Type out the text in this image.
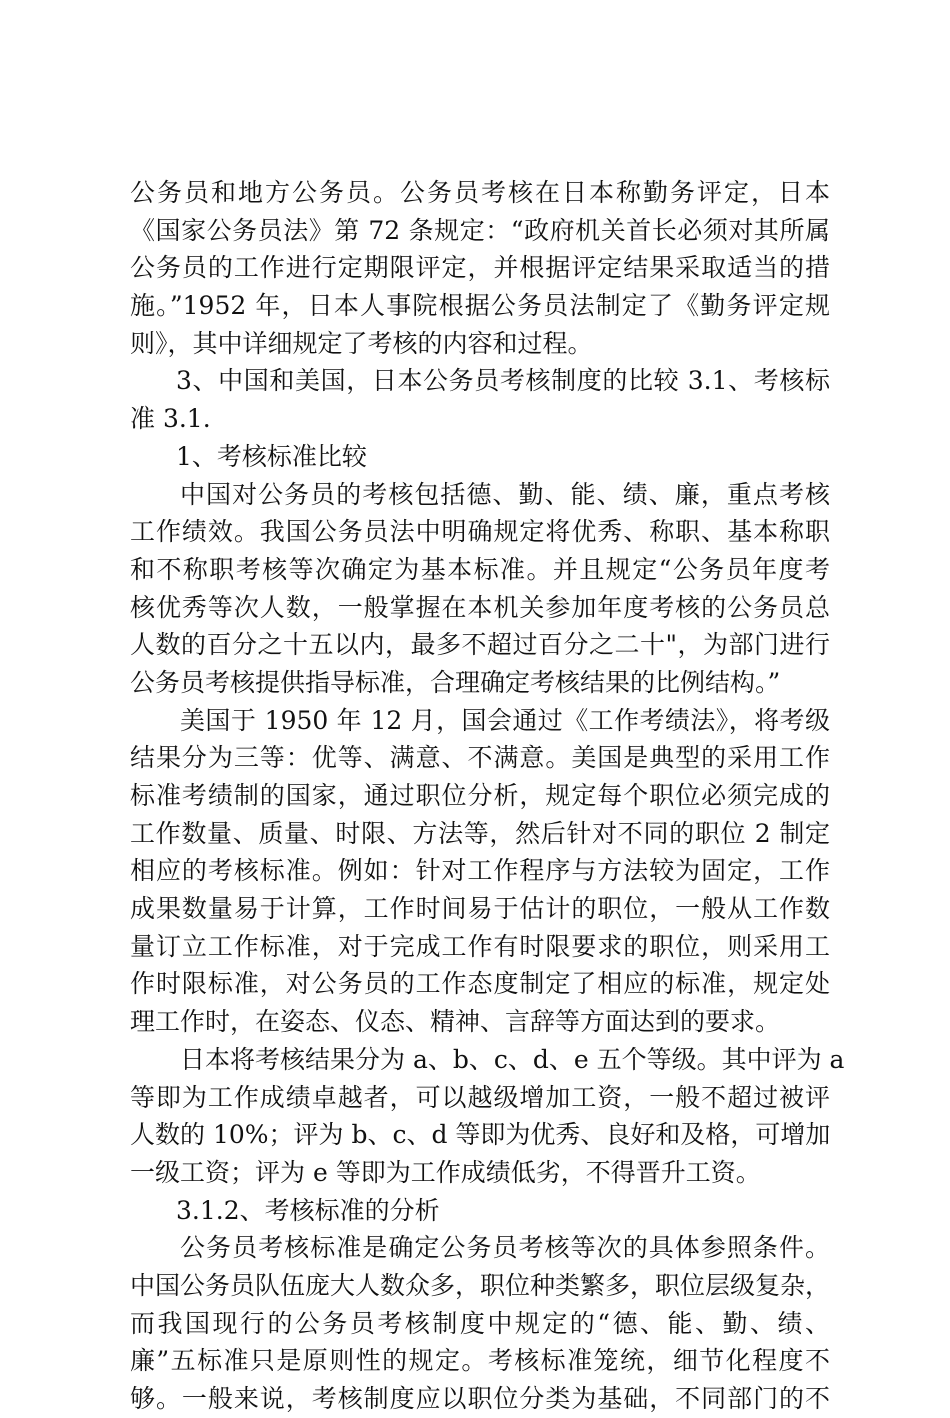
公务员和地方公务员。公务员考核在日本称勤务评定，日本
《国家公务员法》第 72 条规定：“政府机关首长必须对其所属
公务员的工作进行定期限评定，并根据评定结果采取适当的措
施。”1952 年，日本人事院根据公务员法制定了《勤务评定规
则》，其中详细规定了考核的内容和过程。
3、中国和美国，日本公务员考核制度的比较 3.1、考核标
准 3.1.
1、考核标准比较
中国对公务员的考核包括德、勤、能、绩、廉，重点考核
工作绩效。我国公务员法中明确规定将优秀、称职、基本称职
和不称职考核等次确定为基本标准。并且规定“公务员年度考
核优秀等次人数，一般掌握在本机关参加年度考核的公务员总
人数的百分之十五以内，最多不超过百分之二十"，为部门进行
公务员考核提供指导标准，合理确定考核结果的比例结构。”
美国于 1950 年 12 月，国会通过《工作考绩法》，将考级
结果分为三等：优等、满意、不满意。美国是典型的采用工作
标准考绩制的国家，通过职位分析，规定每个职位必须完成的
工作数量、质量、时限、方法等，然后针对不同的职位 2 制定
相应的考核标准。例如：针对工作程序与方法较为固定，工作
成果数量易于计算，工作时间易于估计的职位，一般从工作数
量订立工作标准，对于完成工作有时限要求的职位，则采用工
作时限标准，对公务员的工作态度制定了相应的标准，规定处
理工作时，在姿态、仪态、精神、言辞等方面达到的要求。
日本将考核结果分为 a、b、c、d、e 五个等级。其中评为 a
等即为工作成绩卓越者，可以越级增加工资，一般不超过被评
人数的 10%；评为 b、c、d 等即为优秀、良好和及格，可增加
一级工资；评为 e 等即为工作成绩低劣，不得晋升工资。
3.1.2、考核标准的分析
公务员考核标准是确定公务员考核等次的具体参照条件。
中国公务员队伍庞大人数众多，职位种类繁多，职位层级复杂，
而我国现行的公务员考核制度中规定的“德、能、勤、绩、
廉”五标准只是原则性的规定。考核标准笼统，细节化程度不
够。一般来说，考核制度应以职位分类为基础，不同部门的不
